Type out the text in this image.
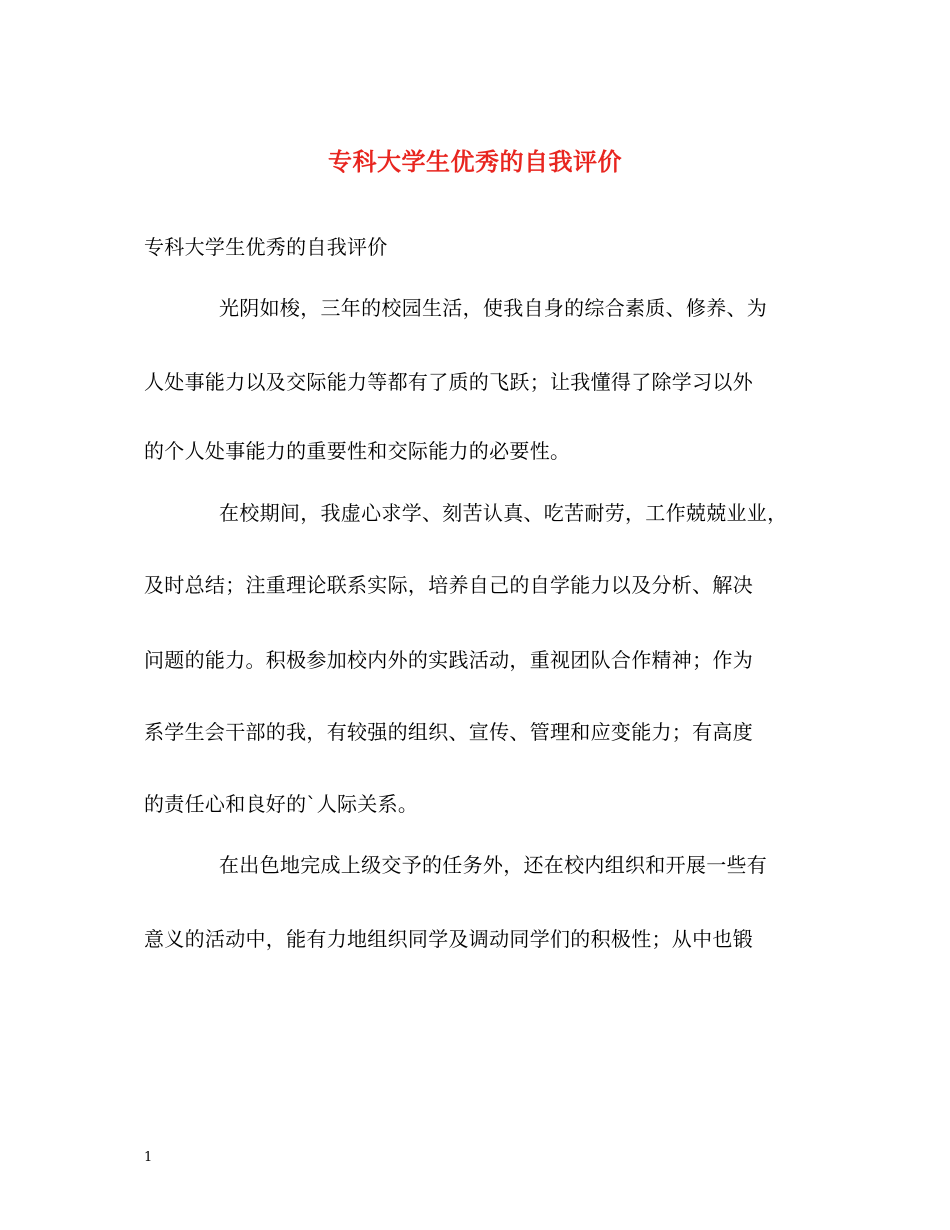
专科大学生优秀的自我评价
专科大学生优秀的自我评价
光阴如梭，三年的校园生活，使我自身的综合素质、修养、为
人处事能力以及交际能力等都有了质的飞跃；让我懂得了除学习以外
的个人处事能力的重要性和交际能力的必要性。
在校期间，我虚心求学、刻苦认真、吃苦耐劳，工作兢兢业业，
及时总结；注重理论联系实际，培养自己的自学能力以及分析、解决
问题的能力。积极参加校内外的实践活动，重视团队合作精神；作为
系学生会干部的我，有较强的组织、宣传、管理和应变能力；有高度
的责任心和良好的`人际关系。
在出色地完成上级交予的任务外，还在校内组织和开展一些有
意义的活动中，能有力地组织同学及调动同学们的积极性；从中也锻
1
